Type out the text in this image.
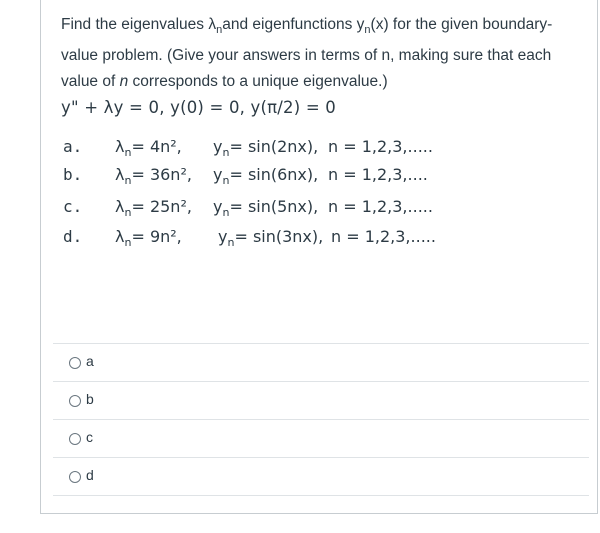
Find the eigenvalues $\lambda_nand$ eigenfunctions $y_n(x)$ for the given boundary-

value problem. (Give your answers in terms of n, making sure that each

value of n corresponds to a unique eigenvalue.)

y" + λy = 0, y(0) = 0, y(π/2) = 0
a. $\lambda_n= 4n^2$, $y_n= \sin(2nx)$, n = 1,2,3,.....
b. $\lambda_n= 36n^2$, $y_n= \sin(6nx)$, n = 1,2,3,....
c. $\lambda_n= 25n^2$, $y_n= \sin(5nx)$, n = 1,2,3,.....
d. $\lambda_n= 9n^2$, $y_n= \sin(3nx)$, n = 1,2,3,.....
a
b
c
d
